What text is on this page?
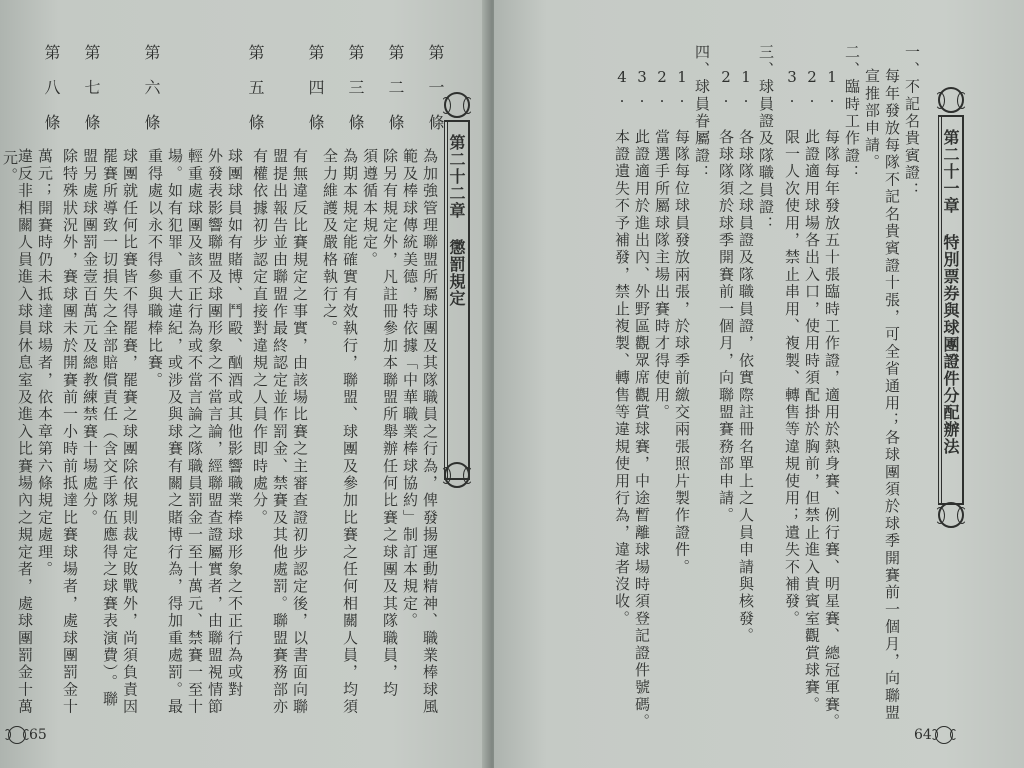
第一條
為加強管理聯盟所屬球團及其隊職員之行為，俾發揚運動精神、職業棒球風
範及棒球傳統美德，特依據「中華職業棒球協約」制訂本規定。
除另有規定外，凡註冊參加本聯盟所舉辦任何比賽之球團及其隊職員，均
須遵循本規定。
第二條
為期本規定能確實有效執行，聯盟、球團及參加比賽之任何相關人員，均須
全力維護及嚴格執行之。
第三條
有無違反比賽規定之事實，由該場比賽之主審查證初步認定後，以書面向聯
盟提出報告並由聯盟作最終認定並作罰金、禁賽及其他處罰。聯盟賽務部亦
有權依據初步認定直接對違規之人員作即時處分。
第四條
球團球員如有賭博、鬥毆、酗酒或其他影響職業棒球形象之不正行為或對
外發表影響聯盟及球團形象之不當言論，經聯盟查證屬實者，由聯盟視情節
輕重處球團及該不正行為或不當言論之隊職員罰金一至十萬元、禁賽一至十
場。如有犯罪、重大違紀，或涉及與球賽有關之賭博行為，得加重處罰。最
重得處以永不得參與職棒比賽。
第五條
球團就任何比賽皆不得罷賽，罷賽之球團除依規則裁定敗戰外，尚須負責因
罷賽所導致一切損失之全部賠償責任（含交手隊伍應得之球賽表演費）。聯
盟另處球團罰金壹百萬元及總教練禁賽十場處分。
第六條
除特殊狀況外，賽球團未於開賽前一小時前抵達比賽球場者，處球團罰金十
萬元；開賽時仍未抵達球場者，依本章第六條規定處理。
第七條
違反非相關人員進入球員休息室及進入比賽場內之規定者，處球團罰金十萬
第八條
元。	第二十二章 懲罰規定
65
一、不記名貴賓證：
每年發放每隊不記名貴賓證十張，可全省通用；各球團須於球季開賽前一個月，向聯盟
宣推部申請。
二、臨時工作證：
1. 每隊每年發放五十張臨時工作證，適用於熱身賽、例行賽、明星賽、總冠軍賽。
2. 此證適用球場各出入口，使用時須配掛於胸前，但禁止進入貴賓室觀賞球賽。
3. 限一人次使用，禁止串用、複製、轉售等違規使用；遺失不補發。
三、球員證及隊職員證：
1. 各球隊之球員證及隊職員證，依實際註冊名單上之人員申請與核發。
2. 各球隊須於球季開賽前一個月，向聯盟賽務部申請。
四、球員眷屬證：
1. 每隊每位球員發放兩張，於球季前繳交兩張照片製作證件。
2. 當選手所屬球隊主場出賽時才得使用。
3. 此證適用於進出內、外野區觀眾席觀賞球賽，中途暫離球場時須登記證件號碼。
4. 本證遺失不予補發，禁止複製、轉售等違規使用行為，違者沒收。	第二十一章 特別票券與球團證件分配辦法
64
